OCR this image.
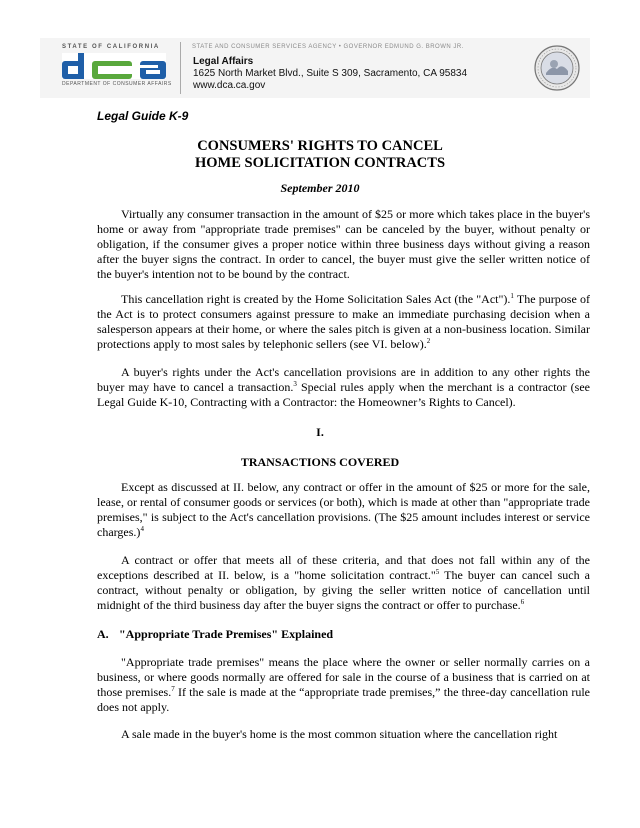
STATE OF CALIFORNIA
DEPARTMENT OF CONSUMER AFFAIRS
STATE AND CONSUMER SERVICES AGENCY • GOVERNOR EDMUND G. BROWN JR.
Legal Affairs
1625 North Market Blvd., Suite S 309, Sacramento, CA 95834
www.dca.ca.gov
Legal Guide K-9
CONSUMERS' RIGHTS TO CANCEL
HOME SOLICITATION CONTRACTS
September 2010

Virtually any consumer transaction in the amount of $25 or more which takes place in the buyer's home or away from "appropriate trade premises" can be canceled by the buyer, without penalty or obligation, if the consumer gives a proper notice within three business days without giving a reason after the buyer signs the contract. In order to cancel, the buyer must give the seller written notice of the buyer's intention not to be bound by the contract.

This cancellation right is created by the Home Solicitation Sales Act (the "Act").$^1$ The purpose of the Act is to protect consumers against pressure to make an immediate purchasing decision when a salesperson appears at their home, or where the sales pitch is given at a non-business location. Similar protections apply to most sales by telephonic sellers (see VI. below).$^2$

A buyer's rights under the Act's cancellation provisions are in addition to any other rights the buyer may have to cancel a transaction.$^3$ Special rules apply when the merchant is a contractor (see Legal Guide K-10, Contracting with a Contractor: the Homeowner’s Rights to Cancel).

I.
TRANSACTIONS COVERED

Except as discussed at II. below, any contract or offer in the amount of $25 or more for the sale, lease, or rental of consumer goods or services (or both), which is made at other than "appropriate trade premises," is subject to the Act's cancellation provisions. (The $25 amount includes interest or service charges.)$^4$

A contract or offer that meets all of these criteria, and that does not fall within any of the exceptions described at II. below, is a "home solicitation contract."$^5$ The buyer can cancel such a contract, without penalty or obligation, by giving the seller written notice of cancellation until midnight of the third business day after the buyer signs the contract or offer to purchase.$^6$

A. "Appropriate Trade Premises" Explained

"Appropriate trade premises" means the place where the owner or seller normally carries on a business, or where goods normally are offered for sale in the course of a business that is carried on at those premises.$^7$ If the sale is made at the “appropriate trade premises,” the three-day cancellation rule does not apply.

A sale made in the buyer's home is the most common situation where the cancellation right
